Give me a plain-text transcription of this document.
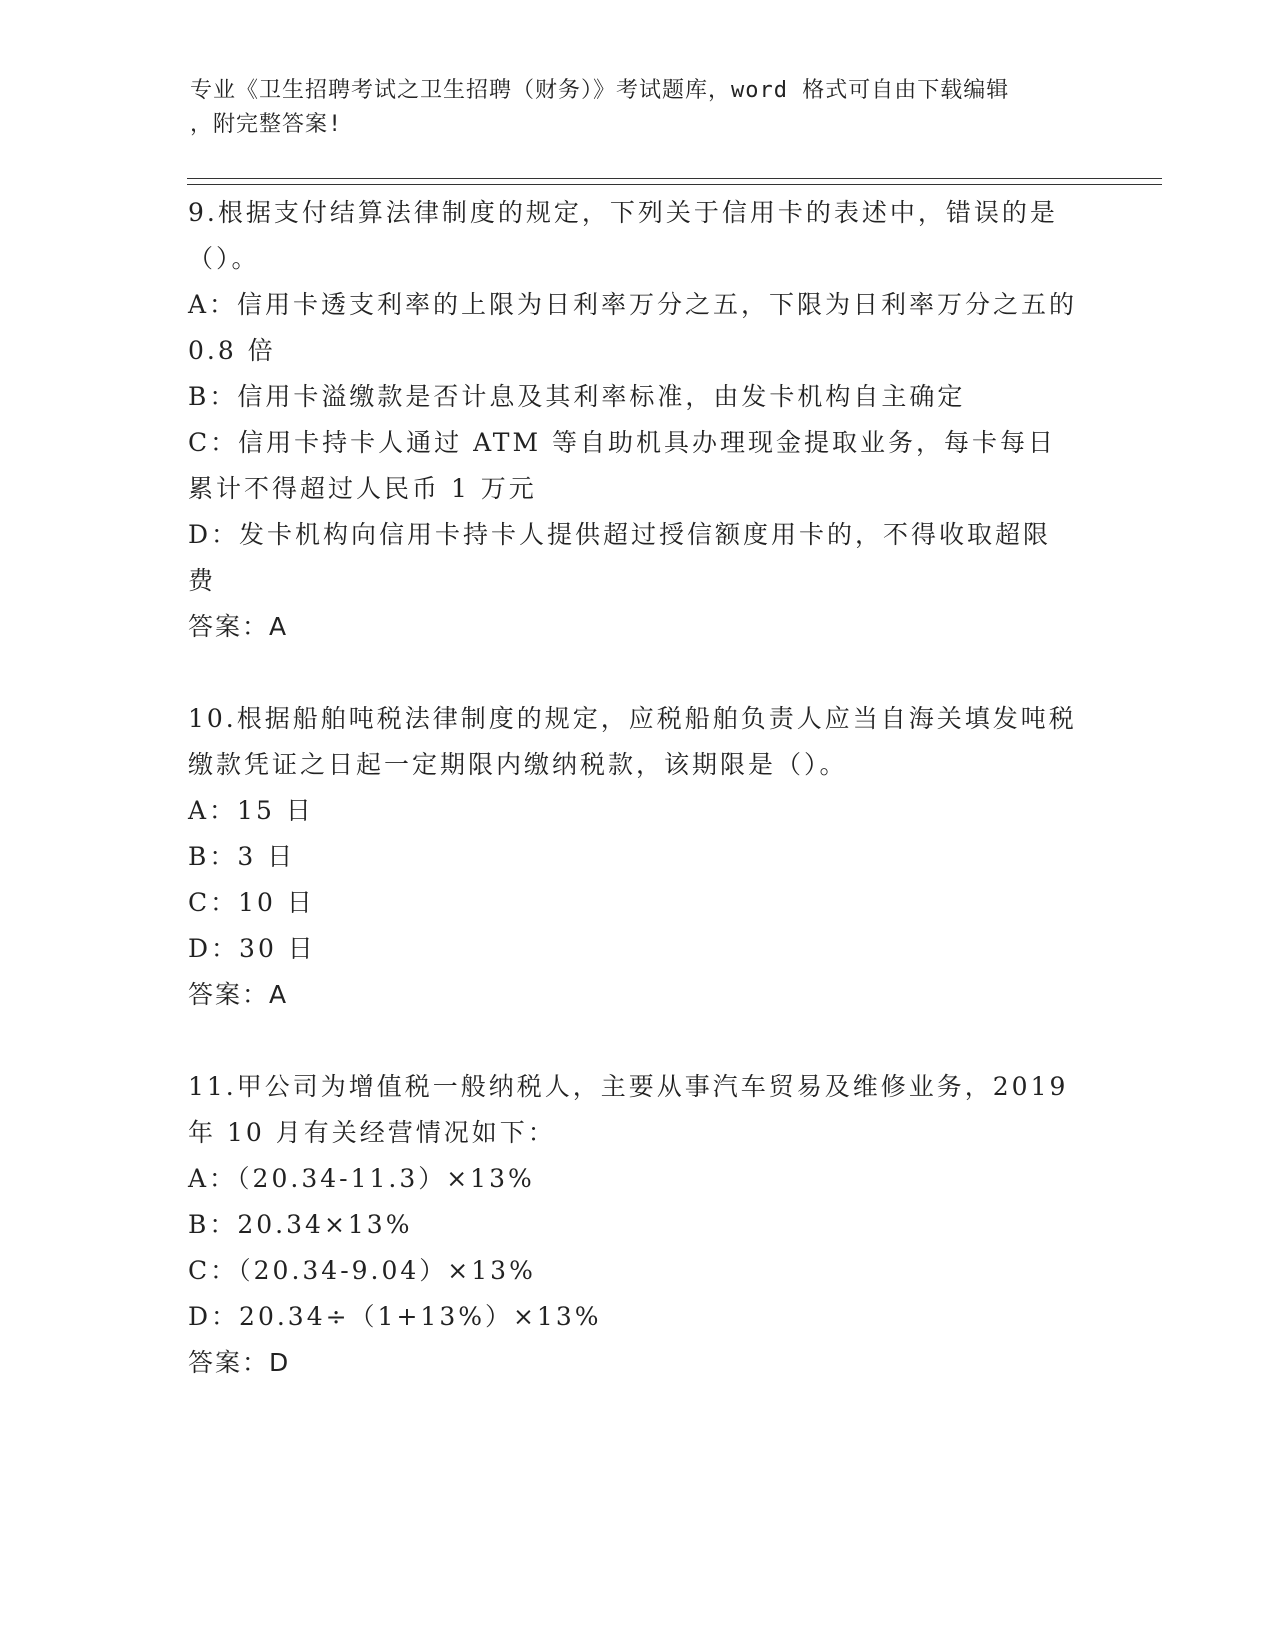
专业《卫生招聘考试之卫生招聘（财务）》考试题库，word 格式可自由下载编辑
，附完整答案!

9.根据支付结算法律制度的规定，下列关于信用卡的表述中，错误的是（）。

A：信用卡透支利率的上限为日利率万分之五，下限为日利率万分之五的 0.8 倍

B：信用卡溢缴款是否计息及其利率标准，由发卡机构自主确定

C：信用卡持卡人通过 ATM 等自助机具办理现金提取业务，每卡每日累计不得超过人民币 1 万元

D：发卡机构向信用卡持卡人提供超过授信额度用卡的，不得收取超限费

答案：A

10.根据船舶吨税法律制度的规定，应税船舶负责人应当自海关填发吨税缴款凭证之日起一定期限内缴纳税款，该期限是（）。

A：15 日

B：3 日

C：10 日

D：30 日

答案：A

11.甲公司为增值税一般纳税人，主要从事汽车贸易及维修业务，2019 年 10 月有关经营情况如下：

A：（20.34-11.3）×13%

B：20.34×13%

C：（20.34-9.04）×13%

D：20.34÷（1+13%）×13%

答案：D
